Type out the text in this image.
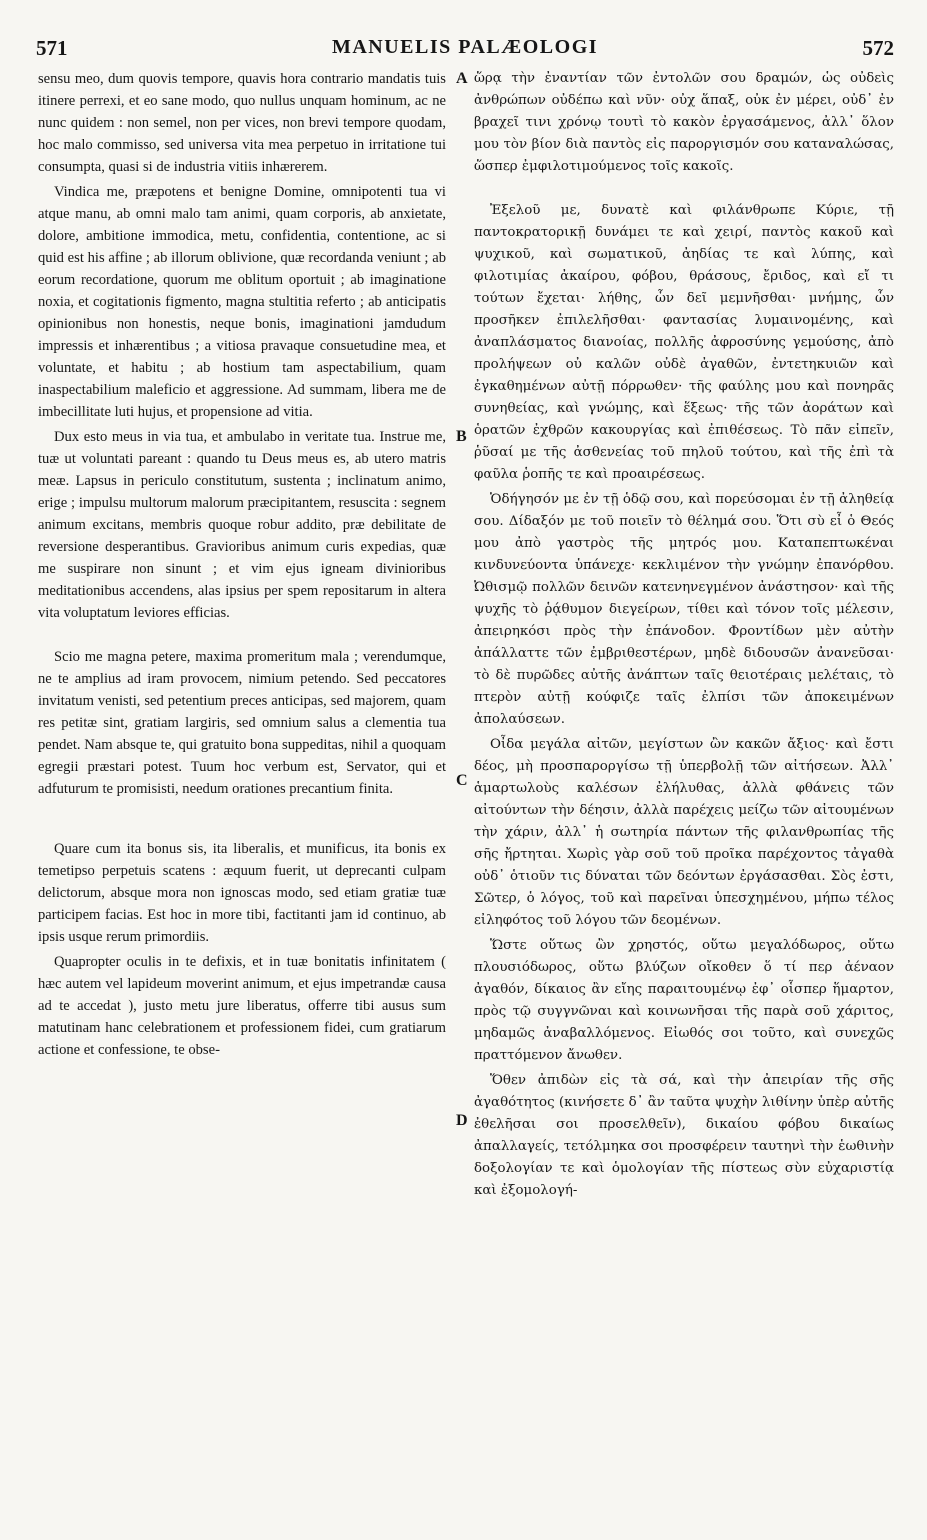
571	MANUELIS PALÆOLOGI	572

sensu meo, dum quovis tempore, quavis hora contrario mandatis tuis itinere perrexi, et eo sane modo, quo nullus unquam hominum, ac ne nunc quidem : non semel, non per vices, non brevi tempore quodam, hoc malo commisso, sed universa vita mea perpetuo in irritatione tui consumpta, quasi si de industria vitiis inhærerem.

Vindica me, præpotens et benigne Domine, omnipotenti tua vi atque manu, ab omni malo tam animi, quam corporis, ab anxietate, dolore, ambitione immodica, metu, confidentia, contentione, ac si quid est his affine ; ab illorum oblivione, quæ recordanda veniunt ; ab eorum recordatione, quorum me oblitum oportuit ; ab imaginatione noxia, et cogitationis figmento, magna stultitia referto ; ab anticipatis opinionibus non honestis, neque bonis, imaginationi jamdudum impressis et inhærentibus ; a vitiosa pravaque consuetudine mea, et voluntate, et habitu ; ab hostium tam aspectabilium, quam inaspectabilium maleficio et aggressione. Ad summam, libera me de imbecillitate luti hujus, et propensione ad vitia.

Dux esto meus in via tua, et ambulabo in veritate tua. Instrue me, tuæ ut voluntati pareant : quando tu Deus meus es, ab utero matris meæ. Lapsus in periculo constitutum, sustenta ; inclinatum animo, erige ; impulsu multorum malorum præcipitantem, resuscita : segnem animum excitans, membris quoque robur addito, præ debilitate de reversione desperantibus. Gravioribus animum curis expedias, quæ me suspirare non sinunt ; et vim ejus igneam divinioribus meditationibus accendens, alas ipsius per spem repositarum in altera vita voluptatum leviores efficias.

Scio me magna petere, maxima promeritum mala ; verendumque, ne te amplius ad iram provocem, nimium petendo. Sed peccatores invitatum venisti, sed petentium preces anticipas, sed majorem, quam res petitæ sint, gratiam largiris, sed omnium salus a clementia tua pendet. Nam absque te, qui gratuito bona suppeditas, nihil a quoquam egregii præstari potest. Tuum hoc verbum est, Servator, qui et adfuturum te promisisti, needum orationes precantium finita.

Quare cum ita bonus sis, ita liberalis, et munificus, ita bonis ex temetipso perpetuis scatens : æquum fuerit, ut deprecanti culpam delictorum, absque mora non ignoscas modo, sed etiam gratiæ tuæ participem facias. Est hoc in more tibi, factitanti jam id continuo, ab ipsis usque rerum primordiis.

Quapropter oculis in te defixis, et in tuæ bonitatis infinitatem ( hæc autem vel lapideum moverint animum, et ejus impetrandæ causa ad te accedat ), justo metu jure liberatus, offerre tibi ausus sum matutinam hanc celebrationem et professionem fidei, cum gratiarum actione et confessione, te obse-

A
B
C
D

ὥρᾳ τὴν ἐναντίαν τῶν ἐντολῶν σου δραμών, ὡς οὐδεὶς ἀνθρώπων οὐδέπω καὶ νῦν· οὐχ ἅπαξ, οὐκ ἐν μέρει, οὐδ᾽ ἐν βραχεῖ τινι χρόνῳ τουτὶ τὸ κακὸν ἐργασάμενος, ἀλλ᾽ ὅλον μου τὸν βίον διὰ παντὸς εἰς παροργισμόν σου καταναλώσας, ὥσπερ ἐμφιλοτιμούμενος τοῖς κακοῖς.

Ἐξελοῦ με, δυνατὲ καὶ φιλάνθρωπε Κύριε, τῇ παντοκρατορικῇ δυνάμει τε καὶ χειρί, παντὸς κακοῦ καὶ ψυχικοῦ, καὶ σωματικοῦ, ἀηδίας τε καὶ λύπης, καὶ φιλοτιμίας ἀκαίρου, φόβου, θράσους, ἔριδος, καὶ εἴ τι τούτων ἔχεται· λήθης, ὧν δεῖ μεμνῆσθαι· μνήμης, ὧν προσῆκεν ἐπιλελῆσθαι· φαντασίας λυμαινομένης, καὶ ἀναπλάσματος διανοίας, πολλῆς ἀφροσύνης γεμούσης, ἀπὸ προλήψεων οὐ καλῶν οὐδὲ ἀγαθῶν, ἐντετηκυιῶν καὶ ἐγκαθημένων αὐτῇ πόρρωθεν· τῆς φαύλης μου καὶ πονηρᾶς συνηθείας, καὶ γνώμης, καὶ ἕξεως· τῆς τῶν ἀοράτων καὶ ὁρατῶν ἐχθρῶν κακουργίας καὶ ἐπιθέσεως. Τὸ πᾶν εἰπεῖν, ῥῦσαί με τῆς ἀσθενείας τοῦ πηλοῦ τούτου, καὶ τῆς ἐπὶ τὰ φαῦλα ῥοπῆς τε καὶ προαιρέσεως.

Ὁδήγησόν με ἐν τῇ ὁδῷ σου, καὶ πορεύσομαι ἐν τῇ ἀληθείᾳ σου. Δίδαξόν με τοῦ ποιεῖν τὸ θέλημά σου. Ὅτι σὺ εἶ ὁ Θεός μου ἀπὸ γαστρὸς τῆς μητρός μου. Καταπεπτωκέναι κινδυνεύοντα ὑπάνεχε· κεκλιμένον τὴν γνώμην ἐπανόρθου. Ὠθισμῷ πολλῶν δεινῶν κατενηνεγμένον ἀνάστησον· καὶ τῆς ψυχῆς τὸ ῥᾴθυμον διεγείρων, τίθει καὶ τόνον τοῖς μέλεσιν, ἀπειρηκόσι πρὸς τὴν ἐπάνοδον. Φροντίδων μὲν αὐτὴν ἀπάλλαττε τῶν ἐμβριθεστέρων, μηδὲ διδουσῶν ἀνανεῦσαι· τὸ δὲ πυρῶδες αὐτῆς ἀνάπτων ταῖς θειοτέραις μελέταις, τὸ πτερὸν αὐτῇ κούφιζε ταῖς ἐλπίσι τῶν ἀποκειμένων ἀπολαύσεων.

Οἶδα μεγάλα αἰτῶν, μεγίστων ὢν κακῶν ἄξιος· καὶ ἔστι δέος, μὴ προσπαροργίσω τῇ ὑπερβολῇ τῶν αἰτήσεων. Ἀλλ᾽ ἁμαρτωλοὺς καλέσων ἐλήλυθας, ἀλλὰ φθάνεις τῶν αἰτούντων τὴν δέησιν, ἀλλὰ παρέχεις μείζω τῶν αἰτουμένων τὴν χάριν, ἀλλ᾽ ἡ σωτηρία πάντων τῆς φιλανθρωπίας τῆς σῆς ἤρτηται. Χωρὶς γὰρ σοῦ τοῦ προῖκα παρέχοντος τἀγαθὰ οὐδ᾽ ὁτιοῦν τις δύναται τῶν δεόντων ἐργάσασθαι. Σὸς ἐστι, Σῶτερ, ὁ λόγος, τοῦ καὶ παρεῖναι ὑπεσχημένου, μήπω τέλος εἰληφότος τοῦ λόγου τῶν δεομένων.

Ὥστε οὕτως ὢν χρηστός, οὕτω μεγαλόδωρος, οὕτω πλουσιόδωρος, οὕτω βλύζων οἴκοθεν ὅ τί περ ἀέναον ἀγαθόν, δίκαιος ἂν εἴης παραιτουμένῳ ἐφ᾽ οἷσπερ ἥμαρτον, πρὸς τῷ συγγνῶναι καὶ κοινωνῆσαι τῆς παρὰ σοῦ χάριτος, μηδαμῶς ἀναβαλλόμενος. Εἰωθός σοι τοῦτο, καὶ συνεχῶς πραττόμενον ἄνωθεν.

Ὅθεν ἀπιδὼν εἰς τὰ σά, καὶ τὴν ἀπειρίαν τῆς σῆς ἀγαθότητος (κινήσετε δ᾽ ἂν ταῦτα ψυχὴν λιθίνην ὑπὲρ αὐτῆς ἐθελῆσαι σοι προσελθεῖν), δικαίου φόβου δικαίως ἀπαλλαγείς, τετόλμηκα σοι προσφέρειν ταυτηνὶ τὴν ἑωθινὴν δοξολογίαν τε καὶ ὁμολογίαν τῆς πίστεως σὺν εὐχαριστίᾳ καὶ ἐξομολογή-
